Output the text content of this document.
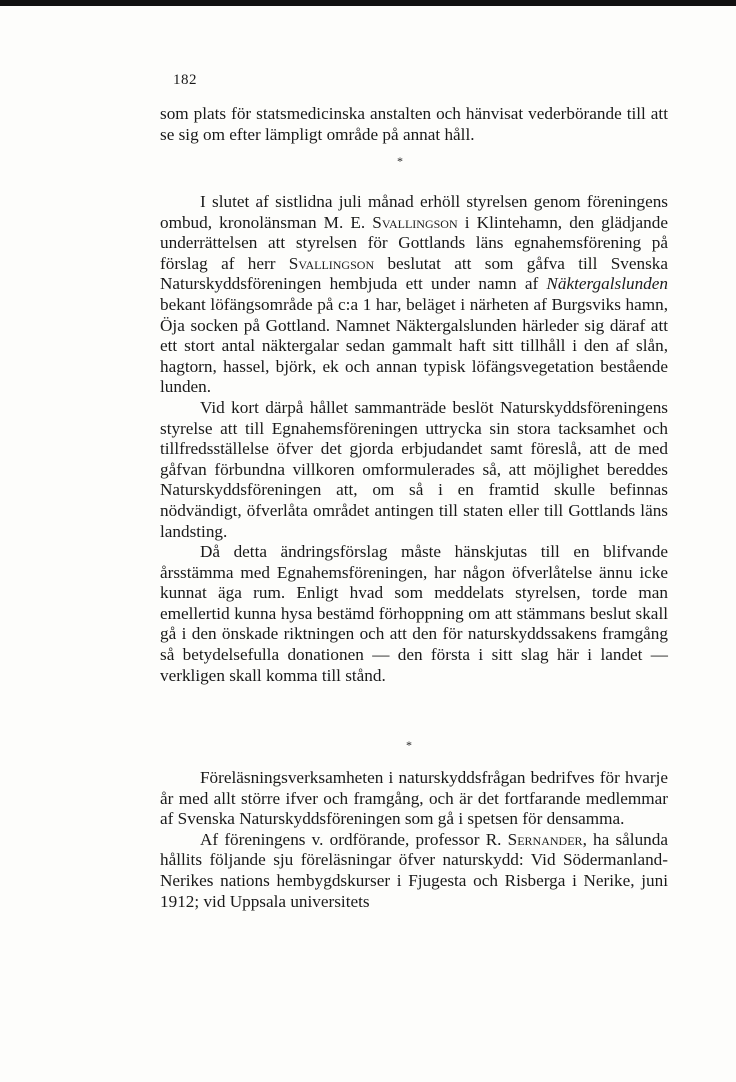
182

som plats för statsmedicinska anstalten och hänvisat vederbörande till att se sig om efter lämpligt område på annat håll.

*

I slutet af sistlidna juli månad erhöll styrelsen genom föreningens ombud, kronolänsman M. E. Svallingson i Klintehamn, den glädjande underrättelsen att styrelsen för Gottlands läns egnahemsförening på förslag af herr Svallingson beslutat att som gåfva till Svenska Naturskyddsföreningen hembjuda ett under namn af Näktergalslunden bekant löfängsområde på c:a 1 har, beläget i närheten af Burgsviks hamn, Öja socken på Gottland. Namnet Näktergalslunden härleder sig däraf att ett stort antal näktergalar sedan gammalt haft sitt tillhåll i den af slån, hagtorn, hassel, björk, ek och annan typisk löfängsvegetation bestående lunden.

Vid kort därpå hållet sammanträde beslöt Naturskyddsföreningens styrelse att till Egnahemsföreningen uttrycka sin stora tacksamhet och tillfredsställelse öfver det gjorda erbjudandet samt föreslå, att de med gåfvan förbundna villkoren omformulerades så, att möjlighet bereddes Naturskyddsföreningen att, om så i en framtid skulle befinnas nödvändigt, öfverlåta området antingen till staten eller till Gottlands läns landsting.

Då detta ändringsförslag måste hänskjutas till en blifvande årsstämma med Egnahemsföreningen, har någon öfverlåtelse ännu icke kunnat äga rum. Enligt hvad som meddelats styrelsen, torde man emellertid kunna hysa bestämd förhoppning om att stämmans beslut skall gå i den önskade riktningen och att den för naturskyddssakens framgång så betydelsefulla donationen — den första i sitt slag här i landet — verkligen skall komma till stånd.

*

Föreläsningsverksamheten i naturskyddsfrågan bedrifves för hvarje år med allt större ifver och framgång, och är det fortfarande medlemmar af Svenska Naturskyddsföreningen som gå i spetsen för densamma.

Af föreningens v. ordförande, professor R. Sernander, ha sålunda hållits följande sju föreläsningar öfver naturskydd: Vid Södermanland-Nerikes nations hembygdskurser i Fjugesta och Risberga i Nerike, juni 1912; vid Uppsala universitets
